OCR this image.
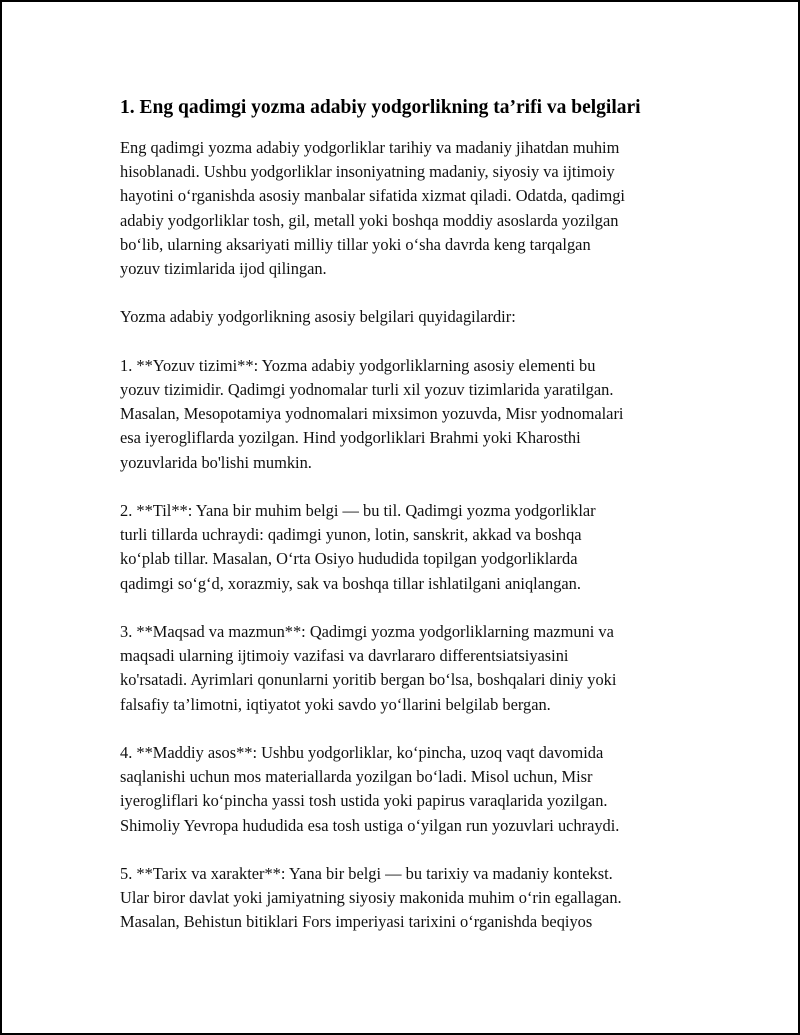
1. Eng qadimgi yozma adabiy yodgorlikning ta’rifi va belgilari
Eng qadimgi yozma adabiy yodgorliklar tarihiy va madaniy jihatdan muhim
hisoblanadi. Ushbu yodgorliklar insoniyatning madaniy, siyosiy va ijtimoiy
hayotini o‘rganishda asosiy manbalar sifatida xizmat qiladi. Odatda, qadimgi
adabiy yodgorliklar tosh, gil, metall yoki boshqa moddiy asoslarda yozilgan
bo‘lib, ularning aksariyati milliy tillar yoki o‘sha davrda keng tarqalgan
yozuv tizimlarida ijod qilingan.
Yozma adabiy yodgorlikning asosiy belgilari quyidagilardir:
1. **Yozuv tizimi**: Yozma adabiy yodgorliklarning asosiy elementi bu
yozuv tizimidir. Qadimgi yodnomalar turli xil yozuv tizimlarida yaratilgan.
Masalan, Mesopotamiya yodnomalari mixsimon yozuvda, Misr yodnomalari
esa iyerogliflarda yozilgan. Hind yodgorliklari Brahmi yoki Kharosthi
yozuvlarida bo'lishi mumkin.
2. **Til**: Yana bir muhim belgi — bu til. Qadimgi yozma yodgorliklar
turli tillarda uchraydi: qadimgi yunon, lotin, sanskrit, akkad va boshqa
ko‘plab tillar. Masalan, O‘rta Osiyo hududida topilgan yodgorliklarda
qadimgi so‘g‘d, xorazmiy, sak va boshqa tillar ishlatilgani aniqlangan.
3. **Maqsad va mazmun**: Qadimgi yozma yodgorliklarning mazmuni va
maqsadi ularning ijtimoiy vazifasi va davrlararo differentsiatsiyasini
ko'rsatadi. Ayrimlari qonunlarni yoritib bergan bo‘lsa, boshqalari diniy yoki
falsafiy ta’limotni, iqtiyatot yoki savdo yo‘llarini belgilab bergan.
4. **Maddiy asos**: Ushbu yodgorliklar, ko‘pincha, uzoq vaqt davomida
saqlanishi uchun mos materiallarda yozilgan bo‘ladi. Misol uchun, Misr
iyerogliflari ko‘pincha yassi tosh ustida yoki papirus varaqlarida yozilgan.
Shimoliy Yevropa hududida esa tosh ustiga o‘yilgan run yozuvlari uchraydi.
5. **Tarix va xarakter**: Yana bir belgi — bu tarixiy va madaniy kontekst.
Ular biror davlat yoki jamiyatning siyosiy makonida muhim o‘rin egallagan.
Masalan, Behistun bitiklari Fors imperiyasi tarixini o‘rganishda beqiyos
